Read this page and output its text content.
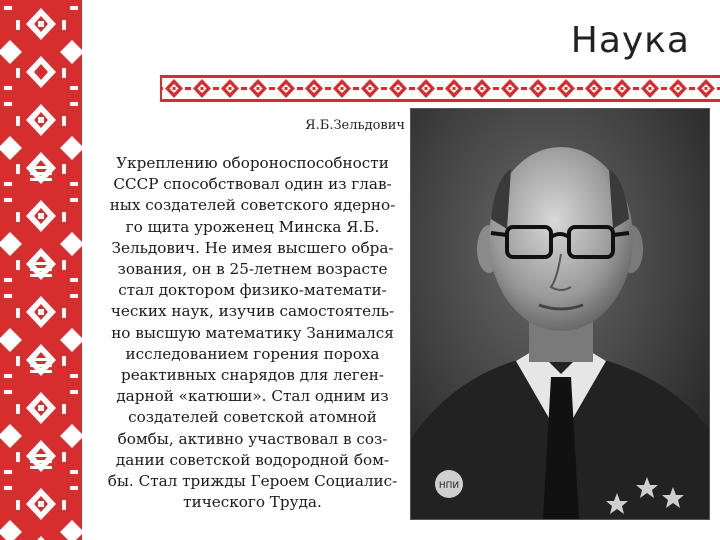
Наука
Я.Б.Зельдович
Укреплению обороноспособности
СССР способствовал один из глав-
ных создателей советского ядерно-
го щита уроженец Минска Я.Б.
Зельдович. Не имея высшего обра-
зования, он в 25-летнем возрасте
стал доктором физико-математи-
ческих наук, изучив самостоятель-
но высшую математику Занимался
исследованием горения пороха
реактивных снарядов для леген-
дарной «катюши». Стал одним из
создателей советской атомной
бомбы, активно участвовал в соз-
дании советской водородной бом-
бы. Стал трижды Героем Социалис-
тического Труда.
НПИ
